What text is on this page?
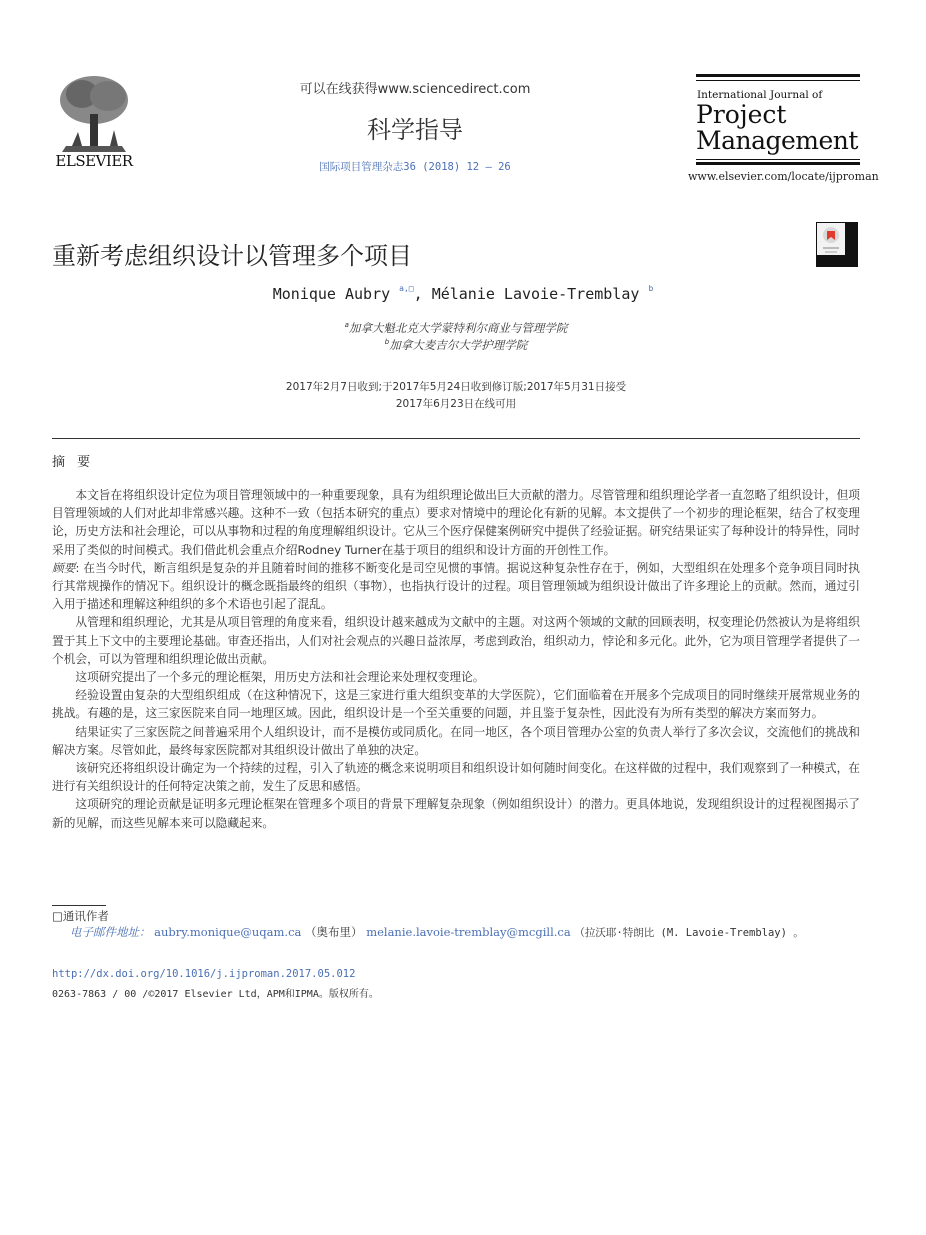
ELSEVIER
可以在线获得www.sciencedirect.com
科学指导
国际项目管理杂志36 (2018) 12 – 26
International Journal of
Project
Management
www.elsevier.com/locate/ijproman
重新考虑组织设计以管理多个项目
Monique Aubry $^{a,□}$, Mélanie Lavoie-Tremblay $^b$
$^a$加拿大魁北克大学蒙特利尔商业与管理学院
$^b$加拿大麦吉尔大学护理学院
2017年2月7日收到;于2017年5月24日收到修订版;2017年5月31日接受
2017年6月23日在线可用
摘 要

本文旨在将组织设计定位为项目管理领域中的一种重要现象，具有为组织理论做出巨大贡献的潜力。尽管管理和组织理论学者一直忽略了组织设计，但项目管理领域的人们对此却非常感兴趣。这种不一致（包括本研究的重点）要求对情境中的理论化有新的见解。本文提供了一个初步的理论框架，结合了权变理论，历史方法和社会理论，可以从事物和过程的角度理解组织设计。它从三个医疗保健案例研究中提供了经验证据。研究结果证实了每种设计的特异性，同时采用了类似的时间模式。我们借此机会重点介绍Rodney Turner在基于项目的组织和设计方面的开创性工作。

顾要: 在当今时代，断言组织是复杂的并且随着时间的推移不断变化是司空见惯的事情。据说这种复杂性存在于，例如，大型组织在处理多个竞争项目同时执行其常规操作的情况下。组织设计的概念既指最终的组织（事物），也指执行设计的过程。项目管理领域为组织设计做出了许多理论上的贡献。然而，通过引入用于描述和理解这种组织的多个术语也引起了混乱。

从管理和组织理论，尤其是从项目管理的角度来看，组织设计越来越成为文献中的主题。对这两个领域的文献的回顾表明，权变理论仍然被认为是将组织置于其上下文中的主要理论基础。审查还指出，人们对社会观点的兴趣日益浓厚，考虑到政治，组织动力，悖论和多元化。此外，它为项目管理学者提供了一个机会，可以为管理和组织理论做出贡献。

这项研究提出了一个多元的理论框架，用历史方法和社会理论来处理权变理论。

经验设置由复杂的大型组织组成（在这种情况下，这是三家进行重大组织变革的大学医院），它们面临着在开展多个完成项目的同时继续开展常规业务的挑战。有趣的是，这三家医院来自同一地理区域。因此，组织设计是一个至关重要的问题，并且鉴于复杂性，因此没有为所有类型的解决方案而努力。

结果证实了三家医院之间普遍采用个人组织设计，而不是模仿或同质化。在同一地区，各个项目管理办公室的负责人举行了多次会议，交流他们的挑战和解决方案。尽管如此，最终每家医院都对其组织设计做出了单独的决定。

该研究还将组织设计确定为一个持续的过程，引入了轨迹的概念来说明项目和组织设计如何随时间变化。在这样做的过程中，我们观察到了一种模式，在进行有关组织设计的任何特定决策之前，发生了反思和感悟。

这项研究的理论贡献是证明多元理论框架在管理多个项目的背景下理解复杂现象（例如组织设计）的潜力。更具体地说，发现组织设计的过程视图揭示了新的见解，而这些见解本来可以隐藏起来。

□通讯作者
电子邮件地址： aubry.monique@uqam.ca （奥布里） melanie.lavoie-tremblay@mcgill.ca （拉沃耶·特朗比 (M. Lavoie-Tremblay) 。
http://dx.doi.org/10.1016/j.ijproman.2017.05.012
0263-7863 / 00 /©2017 Elsevier Ltd，APM和IPMA。版权所有。
